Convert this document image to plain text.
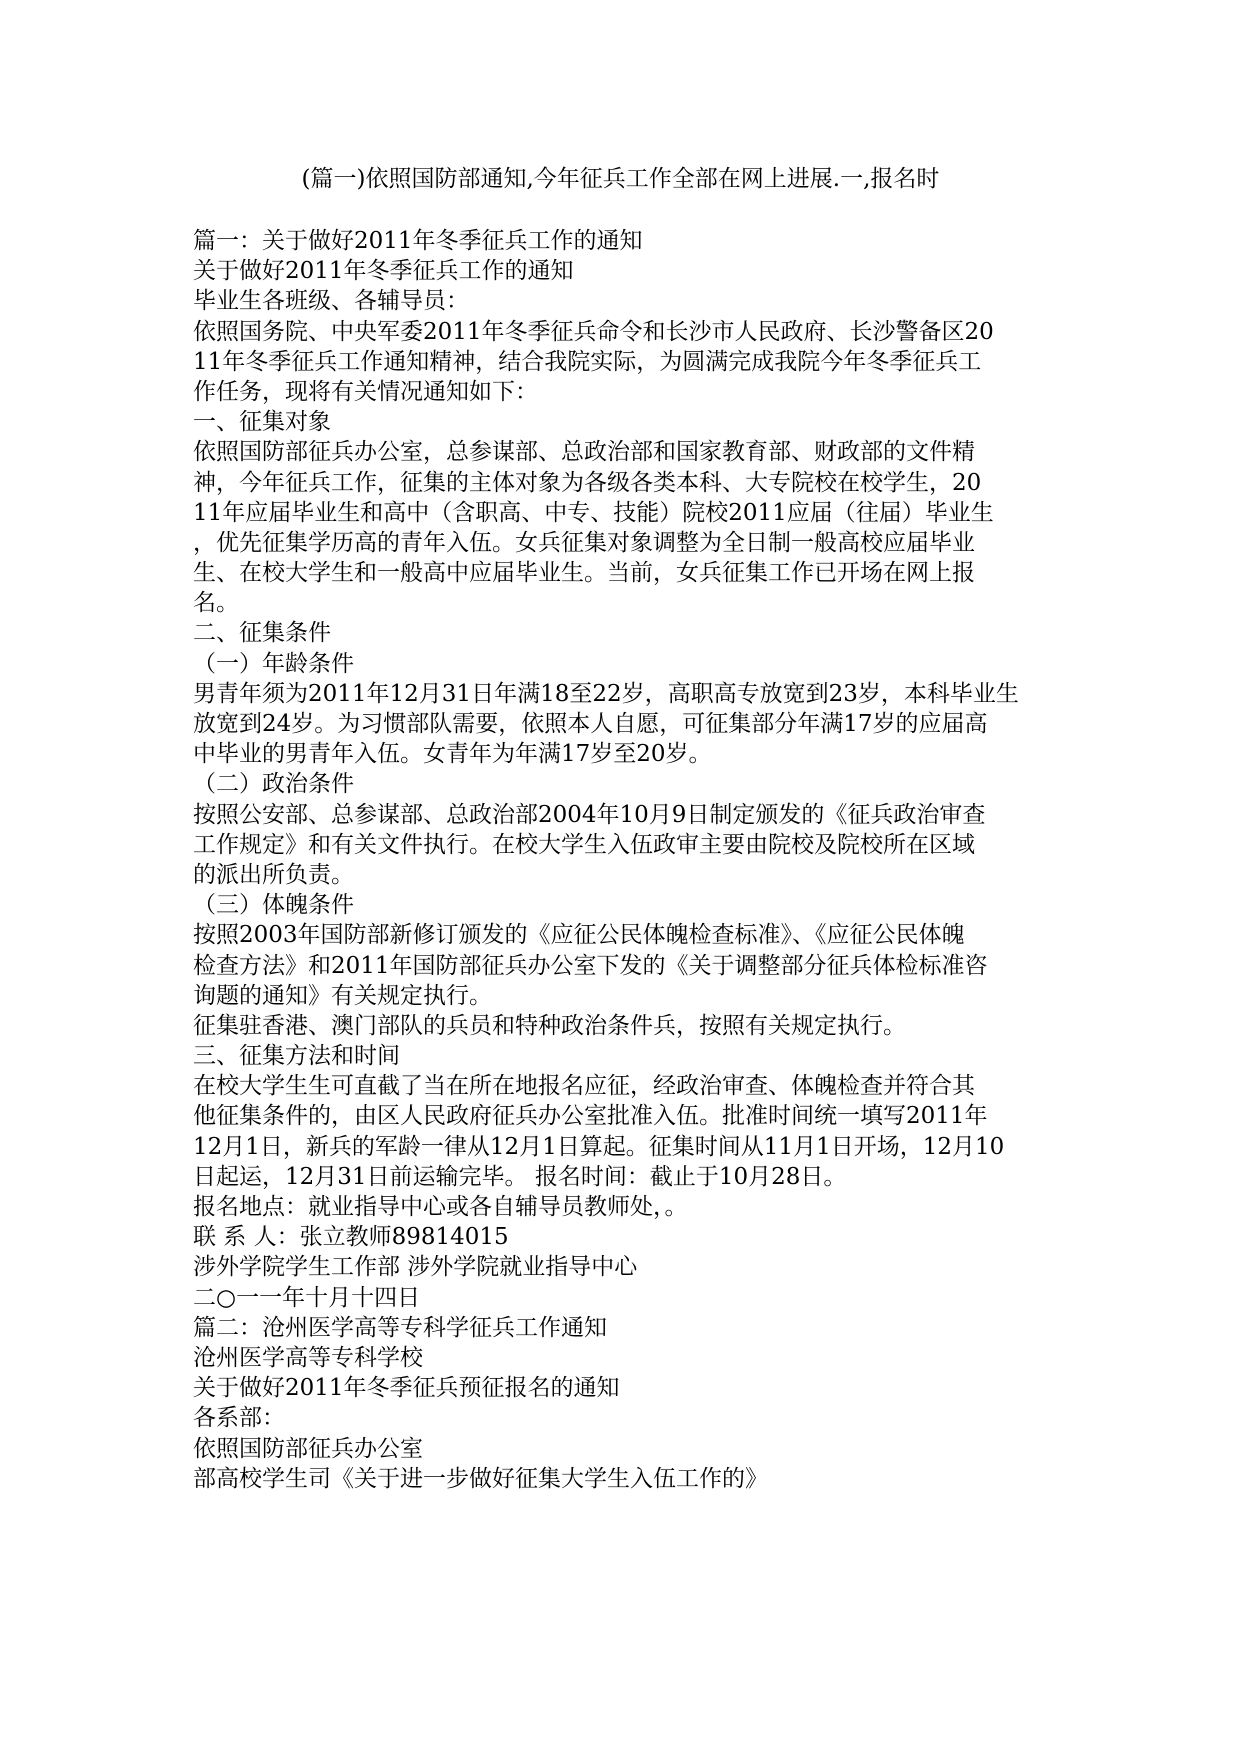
(篇一)依照国防部通知,今年征兵工作全部在网上进展.一,报名时
篇一：关于做好2011年冬季征兵工作的通知
关于做好2011年冬季征兵工作的通知
毕业生各班级、各辅导员：
依照国务院、中央军委2011年冬季征兵命令和长沙市人民政府、长沙警备区20
11年冬季征兵工作通知精神，结合我院实际，为圆满完成我院今年冬季征兵工
作任务，现将有关情况通知如下：
一、征集对象
依照国防部征兵办公室，总参谋部、总政治部和国家教育部、财政部的文件精
神，今年征兵工作，征集的主体对象为各级各类本科、大专院校在校学生，20
11年应届毕业生和高中（含职高、中专、技能）院校2011应届（往届）毕业生
，优先征集学历高的青年入伍。女兵征集对象调整为全日制一般高校应届毕业
生、在校大学生和一般高中应届毕业生。当前，女兵征集工作已开场在网上报
名。
二、征集条件
（一）年龄条件
男青年须为2011年12月31日年满18至22岁，高职高专放宽到23岁，本科毕业生
放宽到24岁。为习惯部队需要，依照本人自愿，可征集部分年满17岁的应届高
中毕业的男青年入伍。女青年为年满17岁至20岁。
（二）政治条件
按照公安部、总参谋部、总政治部2004年10月9日制定颁发的《征兵政治审查
工作规定》和有关文件执行。在校大学生入伍政审主要由院校及院校所在区域
的派出所负责。
（三）体魄条件
按照2003年国防部新修订颁发的《应征公民体魄检查标准》、《应征公民体魄
检查方法》和2011年国防部征兵办公室下发的《关于调整部分征兵体检标准咨
询题的通知》有关规定执行。
征集驻香港、澳门部队的兵员和特种政治条件兵，按照有关规定执行。
三、征集方法和时间
在校大学生生可直截了当在所在地报名应征，经政治审查、体魄检查并符合其
他征集条件的，由区人民政府征兵办公室批准入伍。批准时间统一填写2011年
12月1日，新兵的军龄一律从12月1日算起。征集时间从11月1日开场，12月10
日起运，12月31日前运输完毕。 报名时间：截止于10月28日。
报名地点：就业指导中心或各自辅导员教师处，。
联 系 人：张立教师89814015
涉外学院学生工作部 涉外学院就业指导中心
二○一一年十月十四日
篇二：沧州医学高等专科学征兵工作通知
沧州医学高等专科学校
关于做好2011年冬季征兵预征报名的通知
各系部：
依照国防部征兵办公室
部高校学生司《关于进一步做好征集大学生入伍工作的》
